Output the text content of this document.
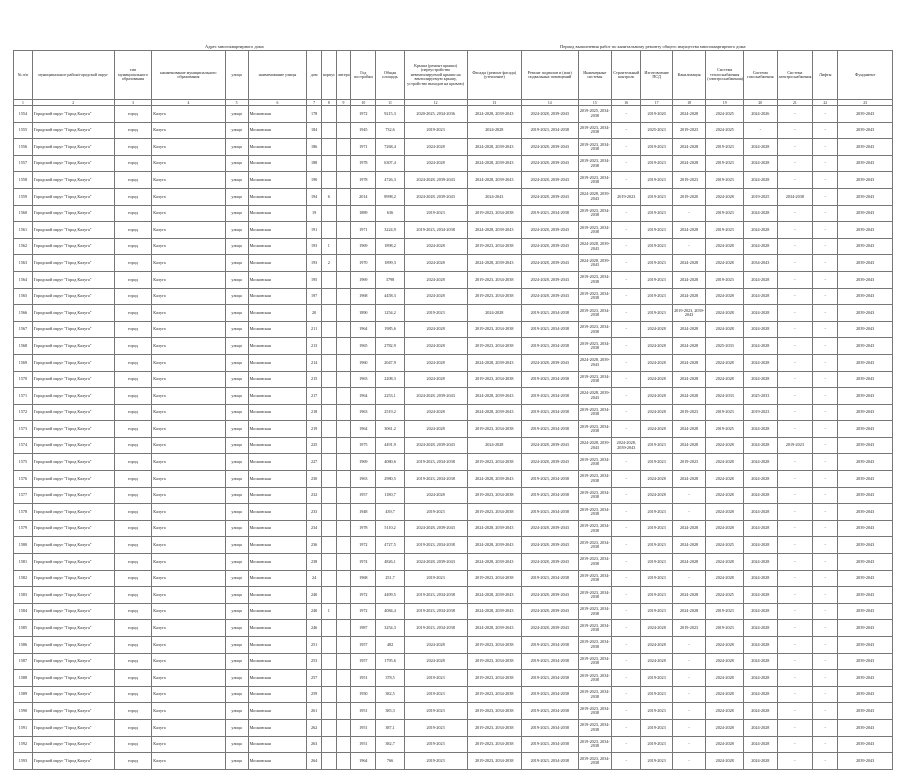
Адрес многоквартирного дома	Период выполнения работ по капитальному ремонту общего имущества многоквартирного дома
№ п/п	муниципальное район/городской округ	тип муниципального образования	наименование муниципального образования	улица	наименование улицы	дом	корпус	литера	Год постройки	Общая площадь	Крыша (ремонт крыши) (переустройство невентилируемой крыши на вентилируемую крышу, устройство выходов на кровлю)	Фасады (ремонт фасада) (утепление)	Ремонт подвалов и (или) подвальных помещений	Инженерные системы	Строительный контроль	Изготовление ПСД	Канализация	Система теплоснабжения (электроснабжения)	Система газоснабжения	Система электроснабжения	Лифты	Фундамент
1	2	3	4	5	6	7	8	9	10	11	12	13	14	15	16	17	18	19	20	21	22	23
1554	Городской округ "Город Калуга"	город	Калуга	улица	Московская	178			1972	9215,3	2020-2025, 2034-2036	2024-2028, 2039-2043	2024-2028, 2039-2043	2019-2025, 2034-2038	-	2019-2020	2024-2028	2024-2025	2024-2026	-	-	2039-2043
1555	Городской округ "Город Калуга"	город	Калуга	улица	Московская	184			1945	732,6	2019-2023	2024-2028	2019-2023, 2034-2038	2019-2023, 2034-2038	-	2025-2023	2019-2023	2024-2025	-	-	-	2039-2043
1556	Городской округ "Город Калуга"	город	Калуга	улица	Московская	186			1971	7268,4	2024-2028	2024-2028, 2039-2043	2024-2028, 2039-2043	2019-2023, 2034-2038	-	2019-2023	2024-2028	2019-2023	2024-2028	-	-	2039-2043
1557	Городской округ "Город Калуга"	город	Калуга	улица	Московская	188			1978	6307,4	2024-2028	2024-2028, 2039-2043	2024-2028, 2039-2043	2019-2023, 2034-2038	-	2019-2023	2024-2028	2019-2023	2024-2028	-	-	2039-2043
1558	Городской округ "Город Калуга"	город	Калуга	улица	Московская	190			1978	4726,3	2024-2028, 2039-2043	2024-2028, 2039-2043	2024-2028, 2039-2043	2019-2023, 2034-2038	-	2019-2023	2019-2023	2019-2023	2024-2028	-	-	2039-2043
1559	Городской округ "Город Калуга"	город	Калуга	улица	Московская	194	6		2014	8998,2	2024-2028, 2039-2043	2024-2043	2024-2028, 2039-2043	2024-2028, 2039-2043	2019-2023	2019-2023	2019-2020	2024-2028	2019-2025	2034-2038	-	2039-2043
1560	Городской округ "Город Калуга"	город	Калуга	улица	Московская	19			1889	636	2019-2023	2019-2023, 2034-2038	2019-2023, 2034-2038	2019-2023, 2034-2038	-	2019-2023	-	2019-2023	2024-2028	-	-	2039-2043
1561	Городской округ "Город Калуга"	город	Калуга	улица	Московская	191			1971	3224,9	2019-2023, 2034-2038	2024-2028, 2039-2043	2024-2028, 2039-2043	2019-2023, 2034-2038	-	2019-2023	2024-2028	2019-2023	2024-2028	-	-	2039-2043
1562	Городской округ "Город Калуга"	город	Калуга	улица	Московская	193	1		1969	1898,2	2024-2028	2019-2023, 2034-2038	2024-2028, 2039-2043	2024-2028, 2039-2043	-	2019-2023	-	2024-2028	2024-2028	-	-	2039-2043
1563	Городской округ "Город Калуга"	город	Калуга	улица	Московская	193	2		1970	1899,3	2024-2028	2024-2028, 2039-2043	2024-2028, 2039-2043	2024-2028, 2039-2043	-	2019-2023	2024-2028	2024-2028	2034-2043	-	-	2039-2043
1564	Городской округ "Город Калуга"	город	Калуга	улица	Московская	195			1969	3798	2024-2028	2019-2023, 2034-2038	2024-2028, 2039-2043	2019-2023, 2034-2038	-	2019-2023	2024-2028	2019-2023	2024-2028	-	-	2039-2043
1565	Городской округ "Город Калуга"	город	Калуга	улица	Московская	197			1968	4458,3	2024-2028	2019-2023, 2034-2038	2024-2028, 2039-2043	2019-2023, 2034-2038	-	2019-2023	2024-2028	2024-2028	2024-2028	-	-	2039-2043
1566	Городской округ "Город Калуга"	город	Калуга	улица	Московская	20			1890	1254,2	2019-2023	2024-2028	2019-2023, 2034-2038	2019-2023, 2034-2038	-	2019-2023	2019-2023, 2039-2043	2024-2028	2024-2028	-	-	2039-2043
1567	Городской округ "Город Калуга"	город	Калуга	улица	Московская	211			1964	1985,6	2024-2028	2019-2023, 2034-2038	2019-2023, 2034-2038	2019-2023, 2034-2038	-	2024-2028	2024-2028	2024-2028	2024-2028	-	-	2039-2043
1568	Городской округ "Город Калуга"	город	Калуга	улица	Московская	213			1965	2782,9	2024-2028	2019-2023, 2034-2038	2019-2023, 2034-2038	2019-2023, 2034-2038	-	2024-2028	2024-2028	2025-2033	2024-2028	-	-	2039-2043
1569	Городской округ "Город Калуга"	город	Калуга	улица	Московская	214			1960	2047,9	2024-2028	2024-2028, 2039-2043	2024-2028, 2039-2043	2024-2028, 2039-2043	-	2024-2028	2024-2028	2024-2028	2024-2028	-	-	2039-2043
1570	Городской округ "Город Калуга"	город	Калуга	улица	Московская	215			1963	2208,3	2024-2028	2019-2023, 2034-2038	2019-2023, 2034-2038	2019-2023, 2034-2038	-	2024-2028	2024-2028	2024-2028	2024-2028	-	-	2039-2043
1571	Городской округ "Город Калуга"	город	Калуга	улица	Московская	217			1964	2253,1	2024-2028, 2039-2043	2024-2028, 2039-2043	2019-2023, 2034-2038	2024-2028, 2039-2043	-	2024-2028	2024-2028	2024-2033	2025-2033	-	-	2039-2043
1572	Городской округ "Город Калуга"	город	Калуга	улица	Московская	218			1963	2519,2	2024-2028	2024-2028, 2039-2043	2019-2023, 2034-2038	2019-2023, 2034-2038	-	2024-2028	2019-2023	2019-2023	2019-2023	-	-	2039-2043
1573	Городской округ "Город Калуга"	город	Калуга	улица	Московская	219			1964	3061,2	2024-2028	2019-2023, 2034-2038	2019-2023, 2034-2038	2019-2023, 2034-2038	-	2024-2028	2024-2028	2019-2025	2024-2028	-	-	2039-2043
1574	Городской округ "Город Калуга"	город	Калуга	улица	Московская	225			1975	4491,9	2024-2028, 2039-2043	2024-2028	2024-2028, 2039-2043	2024-2028, 2039-2043	2024-2028, 2039-2043	2019-2023	2024-2028	2024-2028	2024-2028	2019-2023	-	2039-2043
1575	Городской округ "Город Калуга"	город	Калуга	улица	Московская	227			1969	4080,6	2019-2023, 2034-2038	2019-2023, 2034-2038	2024-2028, 2039-2043	2019-2023, 2034-2038	-	2019-2023	2019-2023	2024-2028	2024-2028	-	-	2039-2043
1576	Городской округ "Город Калуга"	город	Калуга	улица	Московская	230			1963	2980,5	2019-2023, 2034-2038	2024-2028, 2039-2043	2019-2023, 2034-2038	2019-2023, 2034-2038	-	2024-2028	2024-2028	2024-2028	2024-2028	-	-	2039-2043
1577	Городской округ "Город Калуга"	город	Калуга	улица	Московская	232			1957	1180,7	2024-2028	2019-2023, 2034-2038	2019-2023, 2034-2038	2019-2023, 2034-2038	-	2024-2028	-	2024-2028	2024-2028	-	-	2039-2043
1578	Городской округ "Город Калуга"	город	Калуга	улица	Московская	233			1948	439,7	2019-2023	2019-2023, 2034-2038	2019-2023, 2034-2038	2019-2023, 2034-2038	-	2019-2023	-	2024-2028	2024-2028	-	-	2039-2043
1579	Городской округ "Город Калуга"	город	Калуга	улица	Московская	234			1978	5110,2	2024-2028, 2039-2043	2024-2028, 2039-2043	2024-2028, 2039-2043	2019-2023, 2034-2038	-	2019-2023	2024-2028	2024-2028	2024-2028	-	-	2039-2043
1580	Городской округ "Город Калуга"	город	Калуга	улица	Московская	236			1972	4727,5	2019-2023, 2034-2038	2024-2028, 2039-2043	2024-2028, 2039-2043	2019-2023, 2034-2038	-	2019-2023	2024-2028	2024-2025	2024-2028	-	-	2039-2043
1581	Городской округ "Город Калуга"	город	Калуга	улица	Московская	238			1974	4826,1	2024-2028, 2039-2043	2024-2028, 2039-2043	2024-2028, 2039-2043	2019-2023, 2034-2038	-	2019-2023	2024-2028	2024-2028	2024-2028	-	-	2039-2043
1582	Городской округ "Город Калуга"	город	Калуга	улица	Московская	24			1968	251,7	2019-2023	2019-2023, 2034-2038	2019-2023, 2034-2038	2019-2023, 2034-2038	-	2019-2023	-	2024-2028	2024-2028	-	-	2039-2043
1583	Городской округ "Город Калуга"	город	Калуга	улица	Московская	240			1972	4499,5	2019-2023, 2034-2038	2024-2028, 2039-2043	2024-2028, 2039-2043	2019-2023, 2034-2038	-	2019-2023	2024-2028	2024-2025	2024-2028	-	-	2039-2043
1584	Городской округ "Город Калуга"	город	Калуга	улица	Московская	240	1		1972	4084,4	2019-2023, 2034-2038	2024-2028, 2039-2043	2024-2028, 2039-2043	2019-2023, 2034-2038	-	2019-2023	2024-2028	2019-2023	2024-2028	-	-	2039-2043
1585	Городской округ "Город Калуга"	город	Калуга	улица	Московская	246			1987	3254,3	2019-2023, 2034-2038	2024-2028, 2039-2043	2024-2028, 2039-2043	2019-2023, 2034-2038	-	2024-2028	2019-2023	2019-2023	2024-2028	-	-	2039-2043
1586	Городской округ "Город Калуга"	город	Калуга	улица	Московская	251			1957	482	2024-2028	2019-2023, 2034-2038	2019-2023, 2034-2038	2019-2023, 2034-2038	-	2024-2028	-	2024-2028	2024-2028	-	-	2039-2043
1587	Городской округ "Город Калуга"	город	Калуга	улица	Московская	253			1957	1795,6	2024-2028	2019-2023, 2034-2038	2019-2023, 2034-2038	2019-2023, 2034-2038	-	2024-2028	-	2024-2028	2024-2028	-	-	2039-2043
1588	Городской округ "Город Калуга"	город	Калуга	улица	Московская	257			1951	378,5	2019-2023	2019-2023, 2034-2038	2019-2023, 2034-2038	2019-2023, 2034-2038	-	2019-2023	-	2024-2028	2024-2028	-	-	2039-2043
1589	Городской округ "Город Калуга"	город	Калуга	улица	Московская	259			1950	382,5	2019-2023	2019-2023, 2034-2038	2019-2023, 2034-2038	2019-2023, 2034-2038	-	2019-2023	-	2024-2028	2024-2028	-	-	2039-2043
1590	Городской округ "Город Калуга"	город	Калуга	улица	Московская	261			1951	385,3	2019-2023	2019-2023, 2034-2038	2019-2023, 2034-2038	2019-2023, 2034-2038	-	2019-2023	-	2024-2028	2024-2028	-	-	2039-2043
1591	Городской округ "Город Калуга"	город	Калуга	улица	Московская	262			1951	387,1	2019-2023	2019-2023, 2034-2038	2019-2023, 2034-2038	2019-2023, 2034-2038	-	2019-2023	-	2024-2028	2024-2028	-	-	2039-2043
1592	Городской округ "Город Калуга"	город	Калуга	улица	Московская	263			1951	382,7	2019-2023	2019-2023, 2034-2038	2019-2023, 2034-2038	2019-2023, 2034-2038	-	2019-2023	-	2024-2028	2024-2028	-	-	2039-2043
1593	Городской округ "Город Калуга"	город	Калуга	улица	Московская	264			1964	766	2019-2023	2019-2023, 2034-2038	2019-2023, 2034-2038	2019-2023, 2034-2038	-	2019-2023	-	2024-2028	2024-2028	-	-	2039-2043
